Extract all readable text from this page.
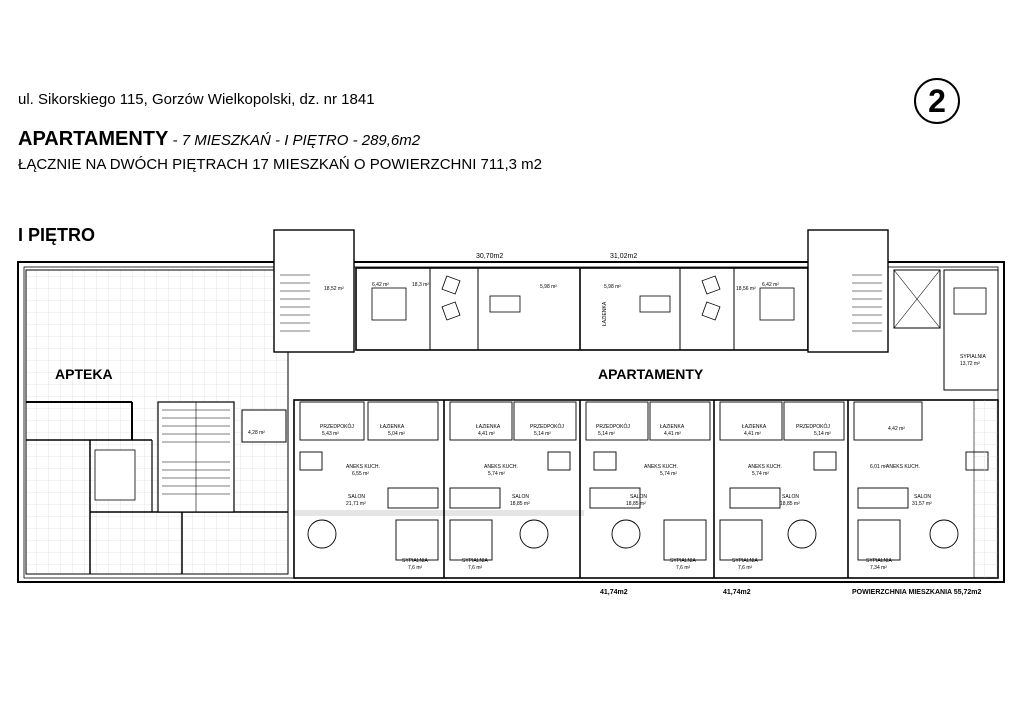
ul. Sikorskiego 115, Gorzów Wielkopolski, dz. nr 1841	2
APARTAMENTY - 7 MIESZKAŃ - I PIĘTRO - 289,6m2
ŁĄCZNIE NA DWÓCH PIĘTRACH 17 MIESZKAŃ O POWIERZCHNI 711,3 m2
I PIĘTRO
APTEKA	APARTAMENTY
30,70m2	31,02m2
18,52 m²
6,42 m²	18,3 m²	5,98 m²	5,98 m²	18,56 m²
6,42 m²
ŁAZIENKA
SYPIALNIA
13,72 m²
4,28 m²
4,42 m²
PRZEDPOKÓJ
5,43 m²
ŁAZIENKA
5,04 m²
ANEKS KUCH.
6,55 m²
SALON
21,71 m²
SYPIALNIA
7,6 m²
PRZEDPOKÓJ
5,14 m²
ŁAZIENKA
4,41 m²
ANEKS KUCH.
5,74 m²
SALON
18,85 m²
SYPIALNIA
7,6 m²
PRZEDPOKÓJ
5,14 m²
ŁAZIENKA
4,41 m²
ANEKS KUCH.
5,74 m²
SALON
18,85 m²
SYPIALNIA
7,6 m²
PRZEDPOKÓJ
5,14 m²
ŁAZIENKA
4,41 m²
ANEKS KUCH.
5,74 m²
SALON
18,85 m²
SYPIALNIA
7,6 m²
ANEKS KUCH.
6,01 m²
SALON
31,57 m²
SYPIALNIA
7,34 m²
41,74m2	41,74m2	POWIERZCHNIA MIESZKANIA 55,72m2
